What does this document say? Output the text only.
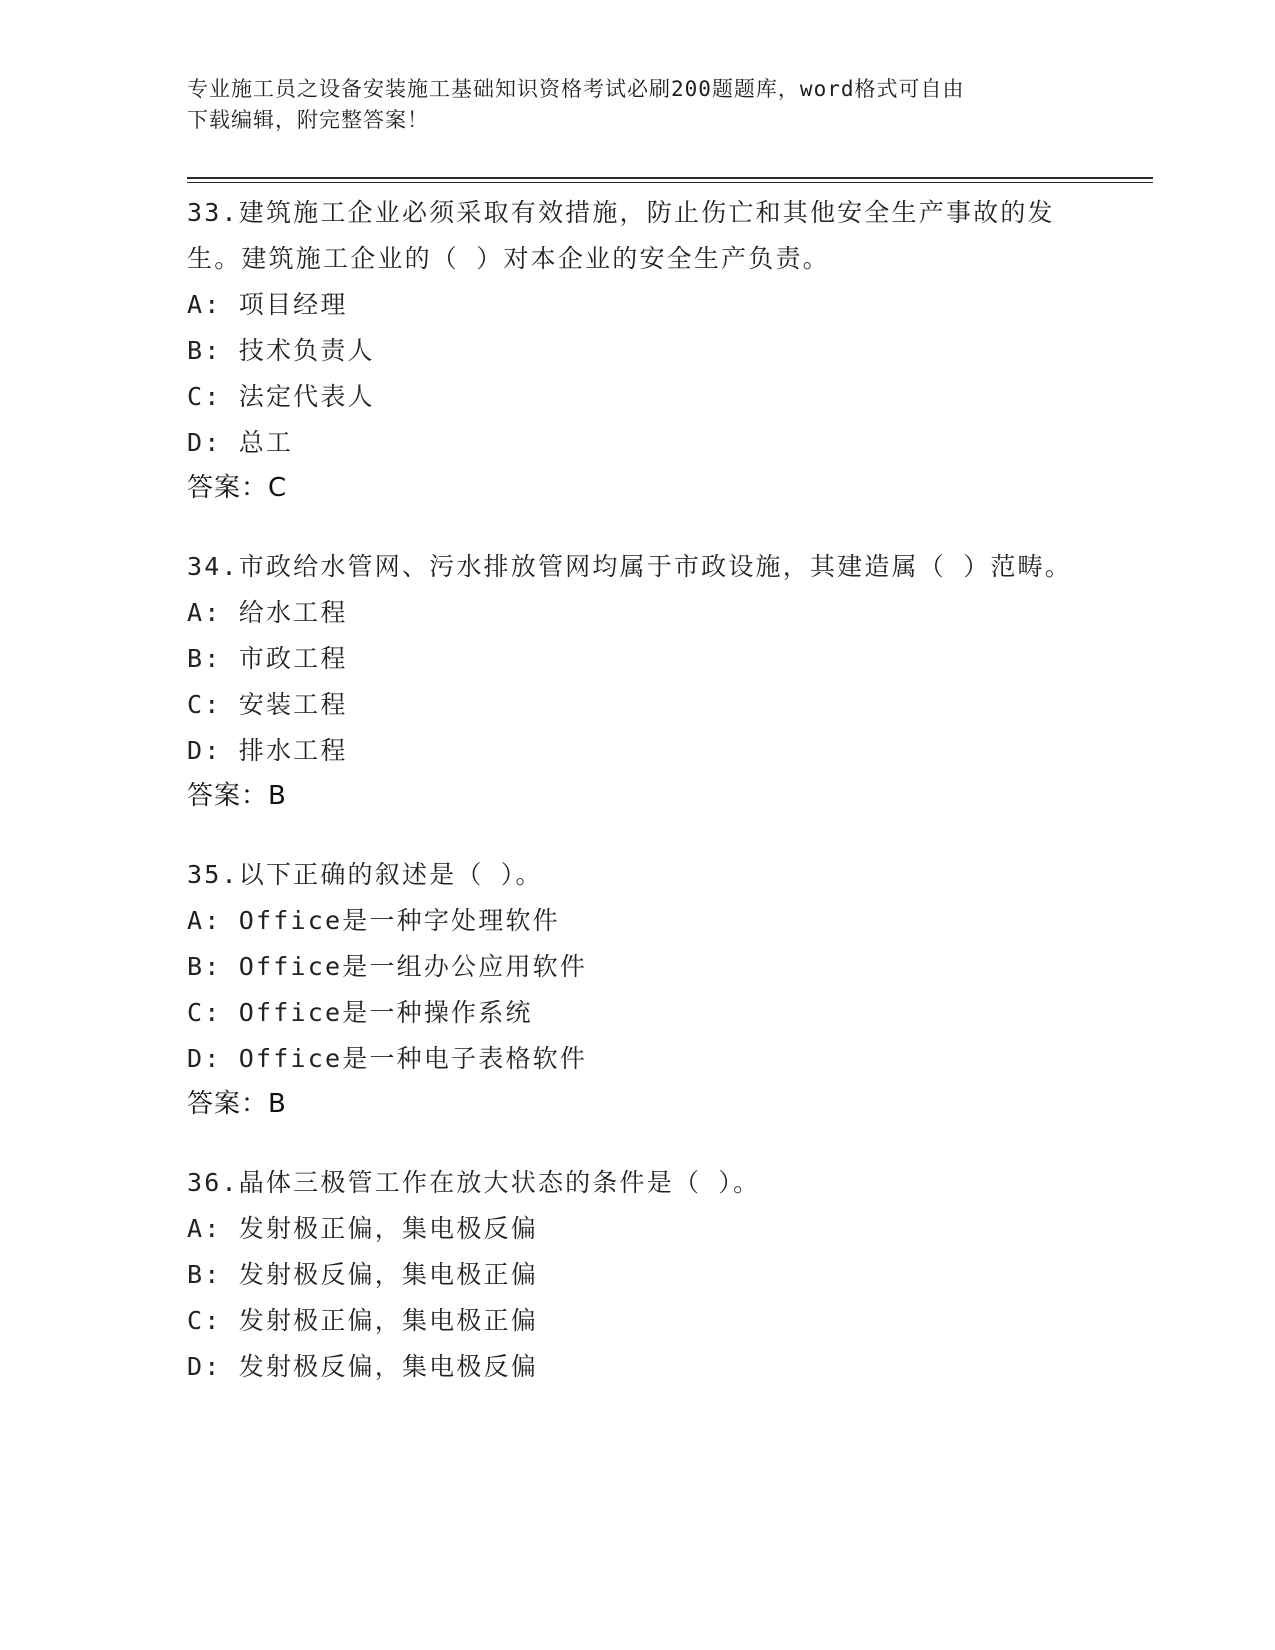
专业施工员之设备安装施工基础知识资格考试必刷200题题库，word格式可自由
下载编辑，附完整答案！
33.建筑施工企业必须采取有效措施，防止伤亡和其他安全生产事故的发生。建筑施工企业的（ ）对本企业的安全生产负责。
A: 项目经理
B: 技术负责人
C: 法定代表人
D: 总工
答案：C
34.市政给水管网、污水排放管网均属于市政设施，其建造属（ ）范畴。
A: 给水工程
B: 市政工程
C: 安装工程
D: 排水工程
答案：B
35.以下正确的叙述是（ ）。
A: Office是一种字处理软件
B: Office是一组办公应用软件
C: Office是一种操作系统
D: Office是一种电子表格软件
答案：B
36.晶体三极管工作在放大状态的条件是（ ）。
A: 发射极正偏，集电极反偏
B: 发射极反偏，集电极正偏
C: 发射极正偏，集电极正偏
D: 发射极反偏，集电极反偏
